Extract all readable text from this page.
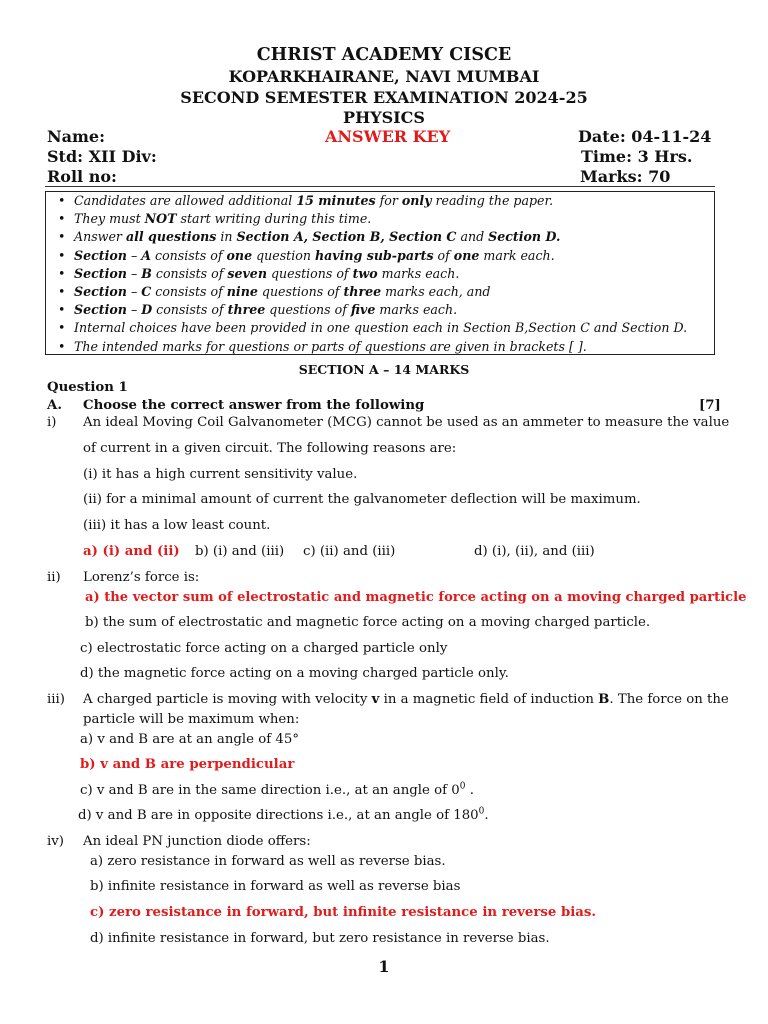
CHRIST ACADEMY CISCE
KOPARKHAIRANE, NAVI MUMBAI
SECOND SEMESTER EXAMINATION 2024-25
PHYSICS
Name:	ANSWER KEY	Date: 04-11-24
Std: XII Div:	Time: 3 Hrs.
Roll no:	Marks: 70
• Candidates are allowed additional 15 minutes for only reading the paper.
• They must NOT start writing during this time.
• Answer all questions in Section A, Section B, Section C and Section D.
• Section – A consists of one question having sub-parts of one mark each.
• Section – B consists of seven questions of two marks each.
• Section – C consists of nine questions of three marks each, and
• Section – D consists of three questions of five marks each.
• Internal choices have been provided in one question each in Section B,Section C and Section D.
• The intended marks for questions or parts of questions are given in brackets [ ].
SECTION A – 14 MARKS
Question 1
A. Choose the correct answer from the following	[7]
i) An ideal Moving Coil Galvanometer (MCG) cannot be used as an ammeter to measure the value
of current in a given circuit. The following reasons are:
(i) it has a high current sensitivity value.
(ii) for a minimal amount of current the galvanometer deflection will be maximum.
(iii) it has a low least count.
a) (i) and (ii) b) (i) and (iii) c) (ii) and (iii)	d) (i), (ii), and (iii)
ii) Lorenz’s force is:
a) the vector sum of electrostatic and magnetic force acting on a moving charged particle
b) the sum of electrostatic and magnetic force acting on a moving charged particle.
c) electrostatic force acting on a charged particle only
d) the magnetic force acting on a moving charged particle only.
iii) A charged particle is moving with velocity v in a magnetic field of induction B. The force on the
particle will be maximum when:
a) v and B are at an angle of 45°
b) v and B are perpendicular
c) v and B are in the same direction i.e., at an angle of $0^0$ .
d) v and B are in opposite directions i.e., at an angle of $180^0$.
iv) An ideal PN junction diode offers:
a) zero resistance in forward as well as reverse bias.
b) infinite resistance in forward as well as reverse bias
c) zero resistance in forward, but infinite resistance in reverse bias.
d) infinite resistance in forward, but zero resistance in reverse bias.
1
